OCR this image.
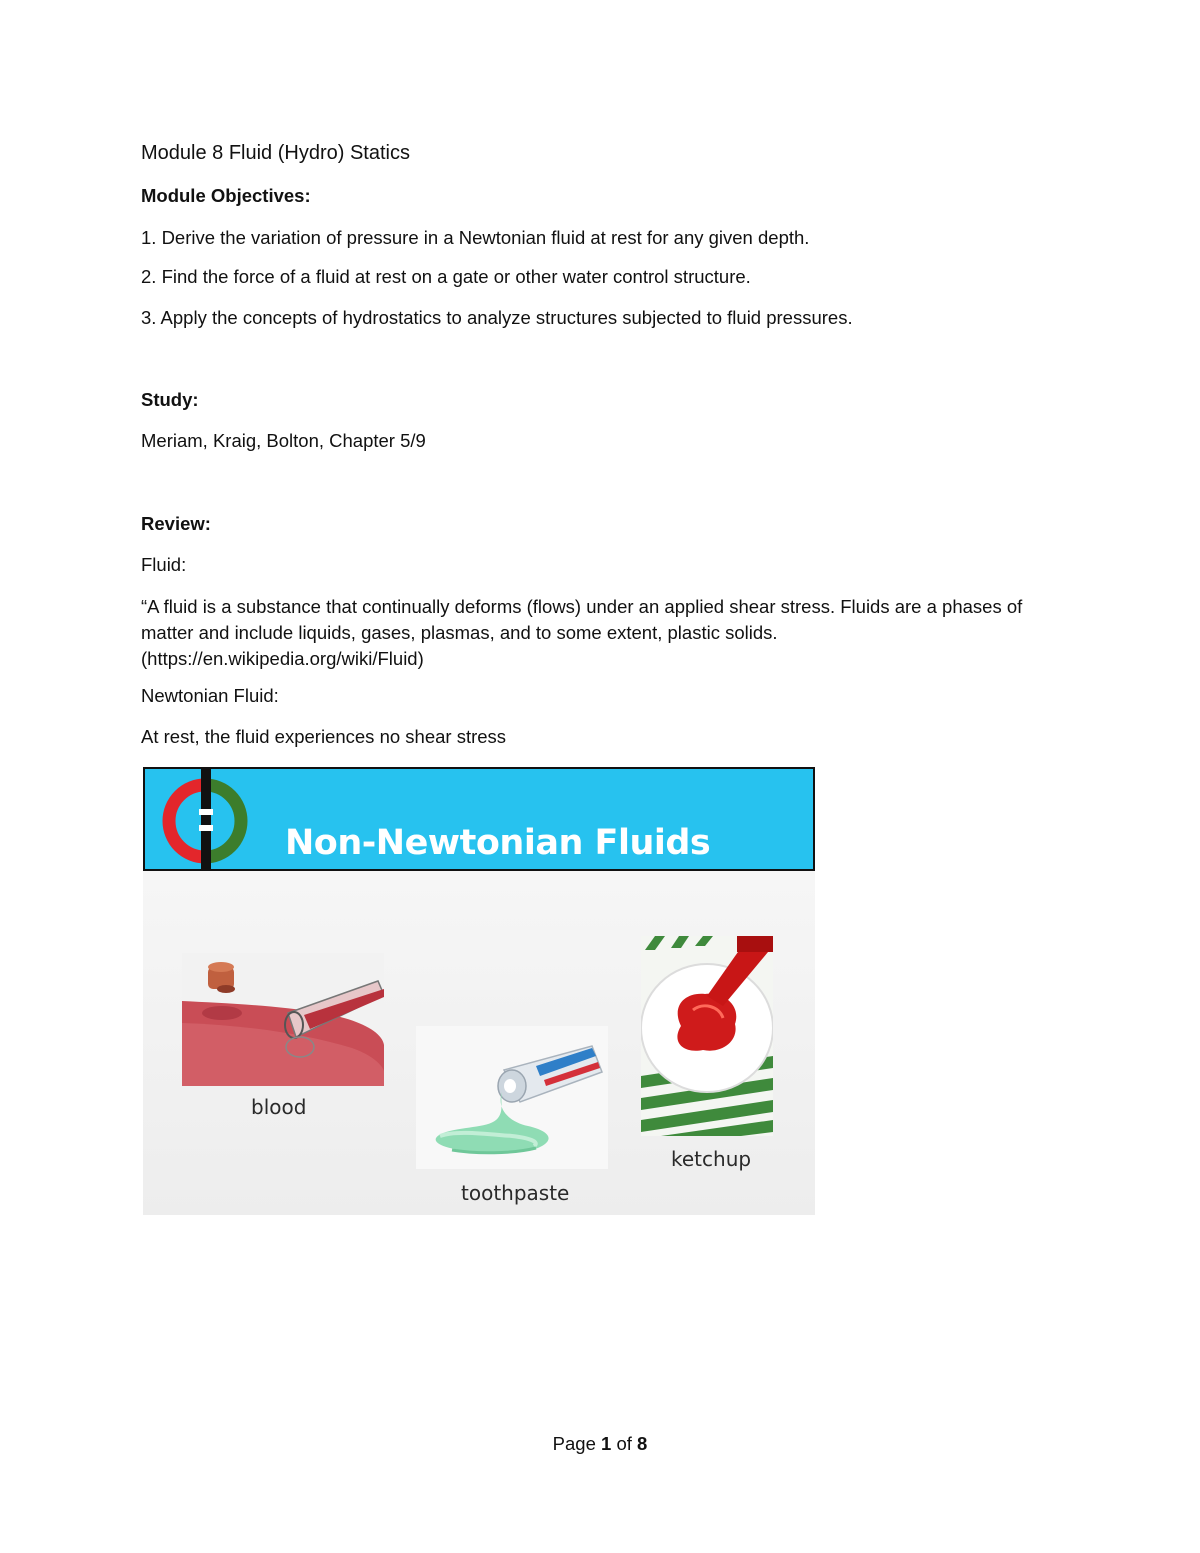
Module 8 Fluid (Hydro) Statics

Module Objectives:

1. Derive the variation of pressure in a Newtonian fluid at rest for any given depth.

2. Find the force of a fluid at rest on a gate or other water control structure.

3. Apply the concepts of hydrostatics to analyze structures subjected to fluid pressures.

Study:

Meriam, Kraig, Bolton, Chapter 5/9

Review:

Fluid:

“A fluid is a substance that continually deforms (flows) under an applied shear stress. Fluids are a phases of matter and include liquids, gases, plasmas, and to some extent, plastic solids. (https://en.wikipedia.org/wiki/Fluid)

Newtonian Fluid:

At rest, the fluid experiences no shear stress

Non-Newtonian Fluids
blood
toothpaste
ketchup
Page 1 of 8
